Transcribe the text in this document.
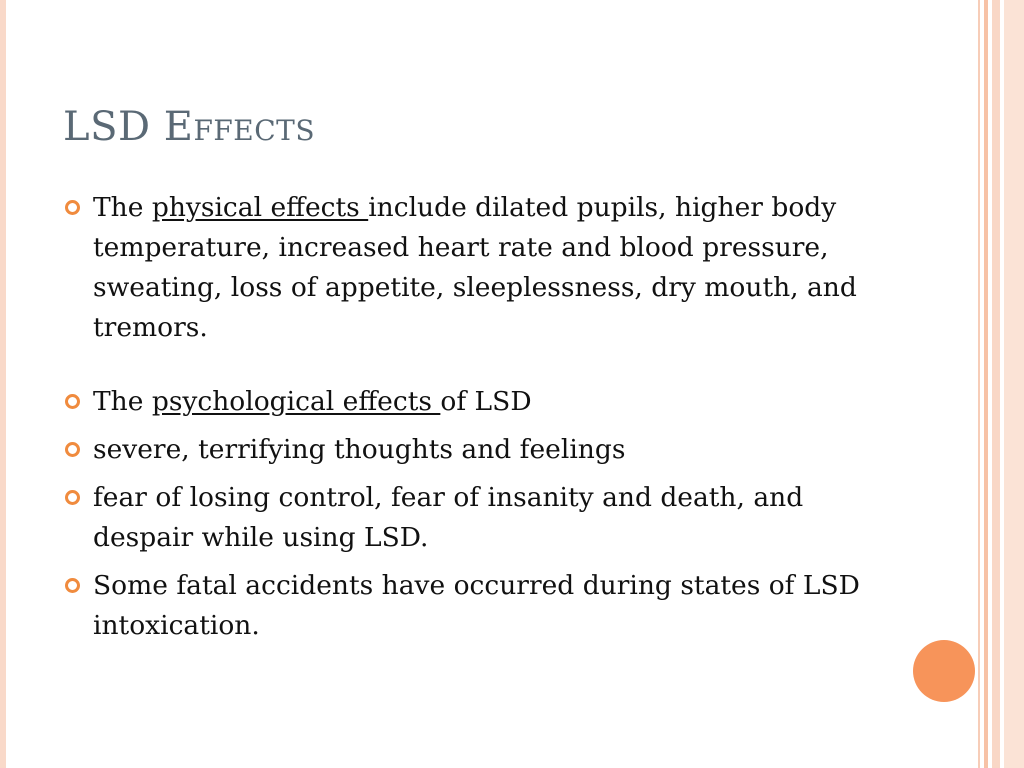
LSD Effects
The physical effects include dilated pupils, higher body temperature, increased heart rate and blood pressure, sweating, loss of appetite, sleeplessness, dry mouth, and tremors.
The psychological effects of LSD
severe, terrifying thoughts and feelings
fear of losing control, fear of insanity and death, and despair while using LSD.
Some fatal accidents have occurred during states of LSD intoxication.
